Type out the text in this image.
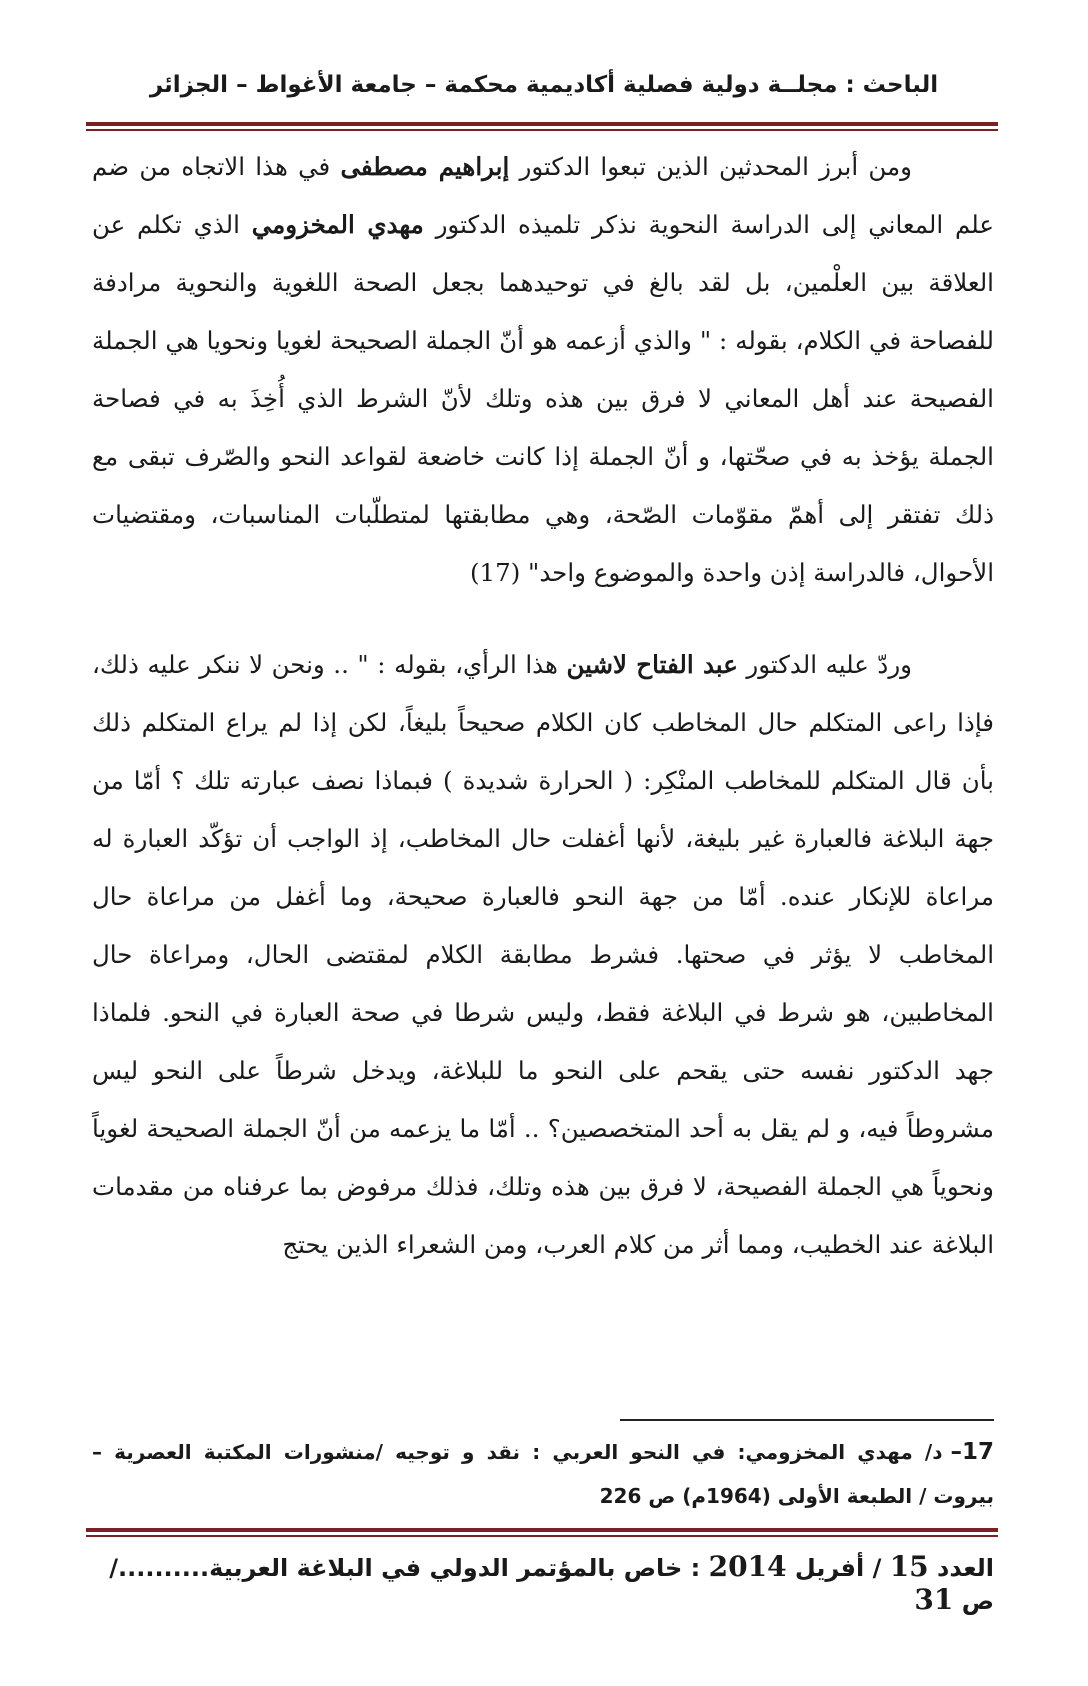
الباحث : مجلــة دولية فصلية أكاديمية محكمة – جامعة الأغواط – الجزائر

ومن أبرز المحدثين الذين تبعوا الدكتور إبراهيم مصطفى في هذا الاتجاه من ضم علم المعاني إلى الدراسة النحوية نذكر تلميذه الدكتور مهدي المخزومي الذي تكلم عن العلاقة بين العلْمين، بل لقد بالغ في توحيدهما بجعل الصحة اللغوية والنحوية مرادفة للفصاحة في الكلام، بقوله : " والذي أزعمه هو أنّ الجملة الصحيحة لغويا ونحويا هي الجملة الفصيحة عند أهل المعاني لا فرق بين هذه وتلك لأنّ الشرط الذي أُخِذَ به في فصاحة الجملة يؤخذ به في صحّتها، و أنّ الجملة إذا كانت خاضعة لقواعد النحو والصّرف تبقى مع ذلك تفتقر إلى أهمّ مقوّمات الصّحة، وهي مطابقتها لمتطلّبات المناسبات، ومقتضيات الأحوال، فالدراسة إذن واحدة والموضوع واحد" (17)

وردّ عليه الدكتور عبد الفتاح لاشين هذا الرأي، بقوله : " .. ونحن لا ننكر عليه ذلك، فإذا راعى المتكلم حال المخاطب كان الكلام صحيحاً بليغاً، لكن إذا لم يراع المتكلم ذلك بأن قال المتكلم للمخاطب المنْكِر: ( الحرارة شديدة ) فبماذا نصف عبارته تلك ؟ أمّا من جهة البلاغة فالعبارة غير بليغة، لأنها أغفلت حال المخاطب، إذ الواجب أن تؤكّد العبارة له مراعاة للإنكار عنده. أمّا من جهة النحو فالعبارة صحيحة، وما أغفل من مراعاة حال المخاطب لا يؤثر في صحتها. فشرط مطابقة الكلام لمقتضى الحال، ومراعاة حال المخاطبين، هو شرط في البلاغة فقط، وليس شرطا في صحة العبارة في النحو. فلماذا جهد الدكتور نفسه حتى يقحم على النحو ما للبلاغة، ويدخل شرطاً على النحو ليس مشروطاً فيه، و لم يقل به أحد المتخصصين؟ .. أمّا ما يزعمه من أنّ الجملة الصحيحة لغوياً ونحوياً هي الجملة الفصيحة، لا فرق بين هذه وتلك، فذلك مرفوض بما عرفناه من مقدمات البلاغة عند الخطيب، ومما أثر من كلام العرب، ومن الشعراء الذين يحتج

17–د/ مهدي المخزومي: في النحو العربي : نقد و توجيه /منشورات المكتبة العصرية – بيروت / الطبعة الأولى (1964م) ص 226
العدد 15 / أفريل 2014 : خاص بالمؤتمر الدولي في البلاغة العربية........../ ص 31
